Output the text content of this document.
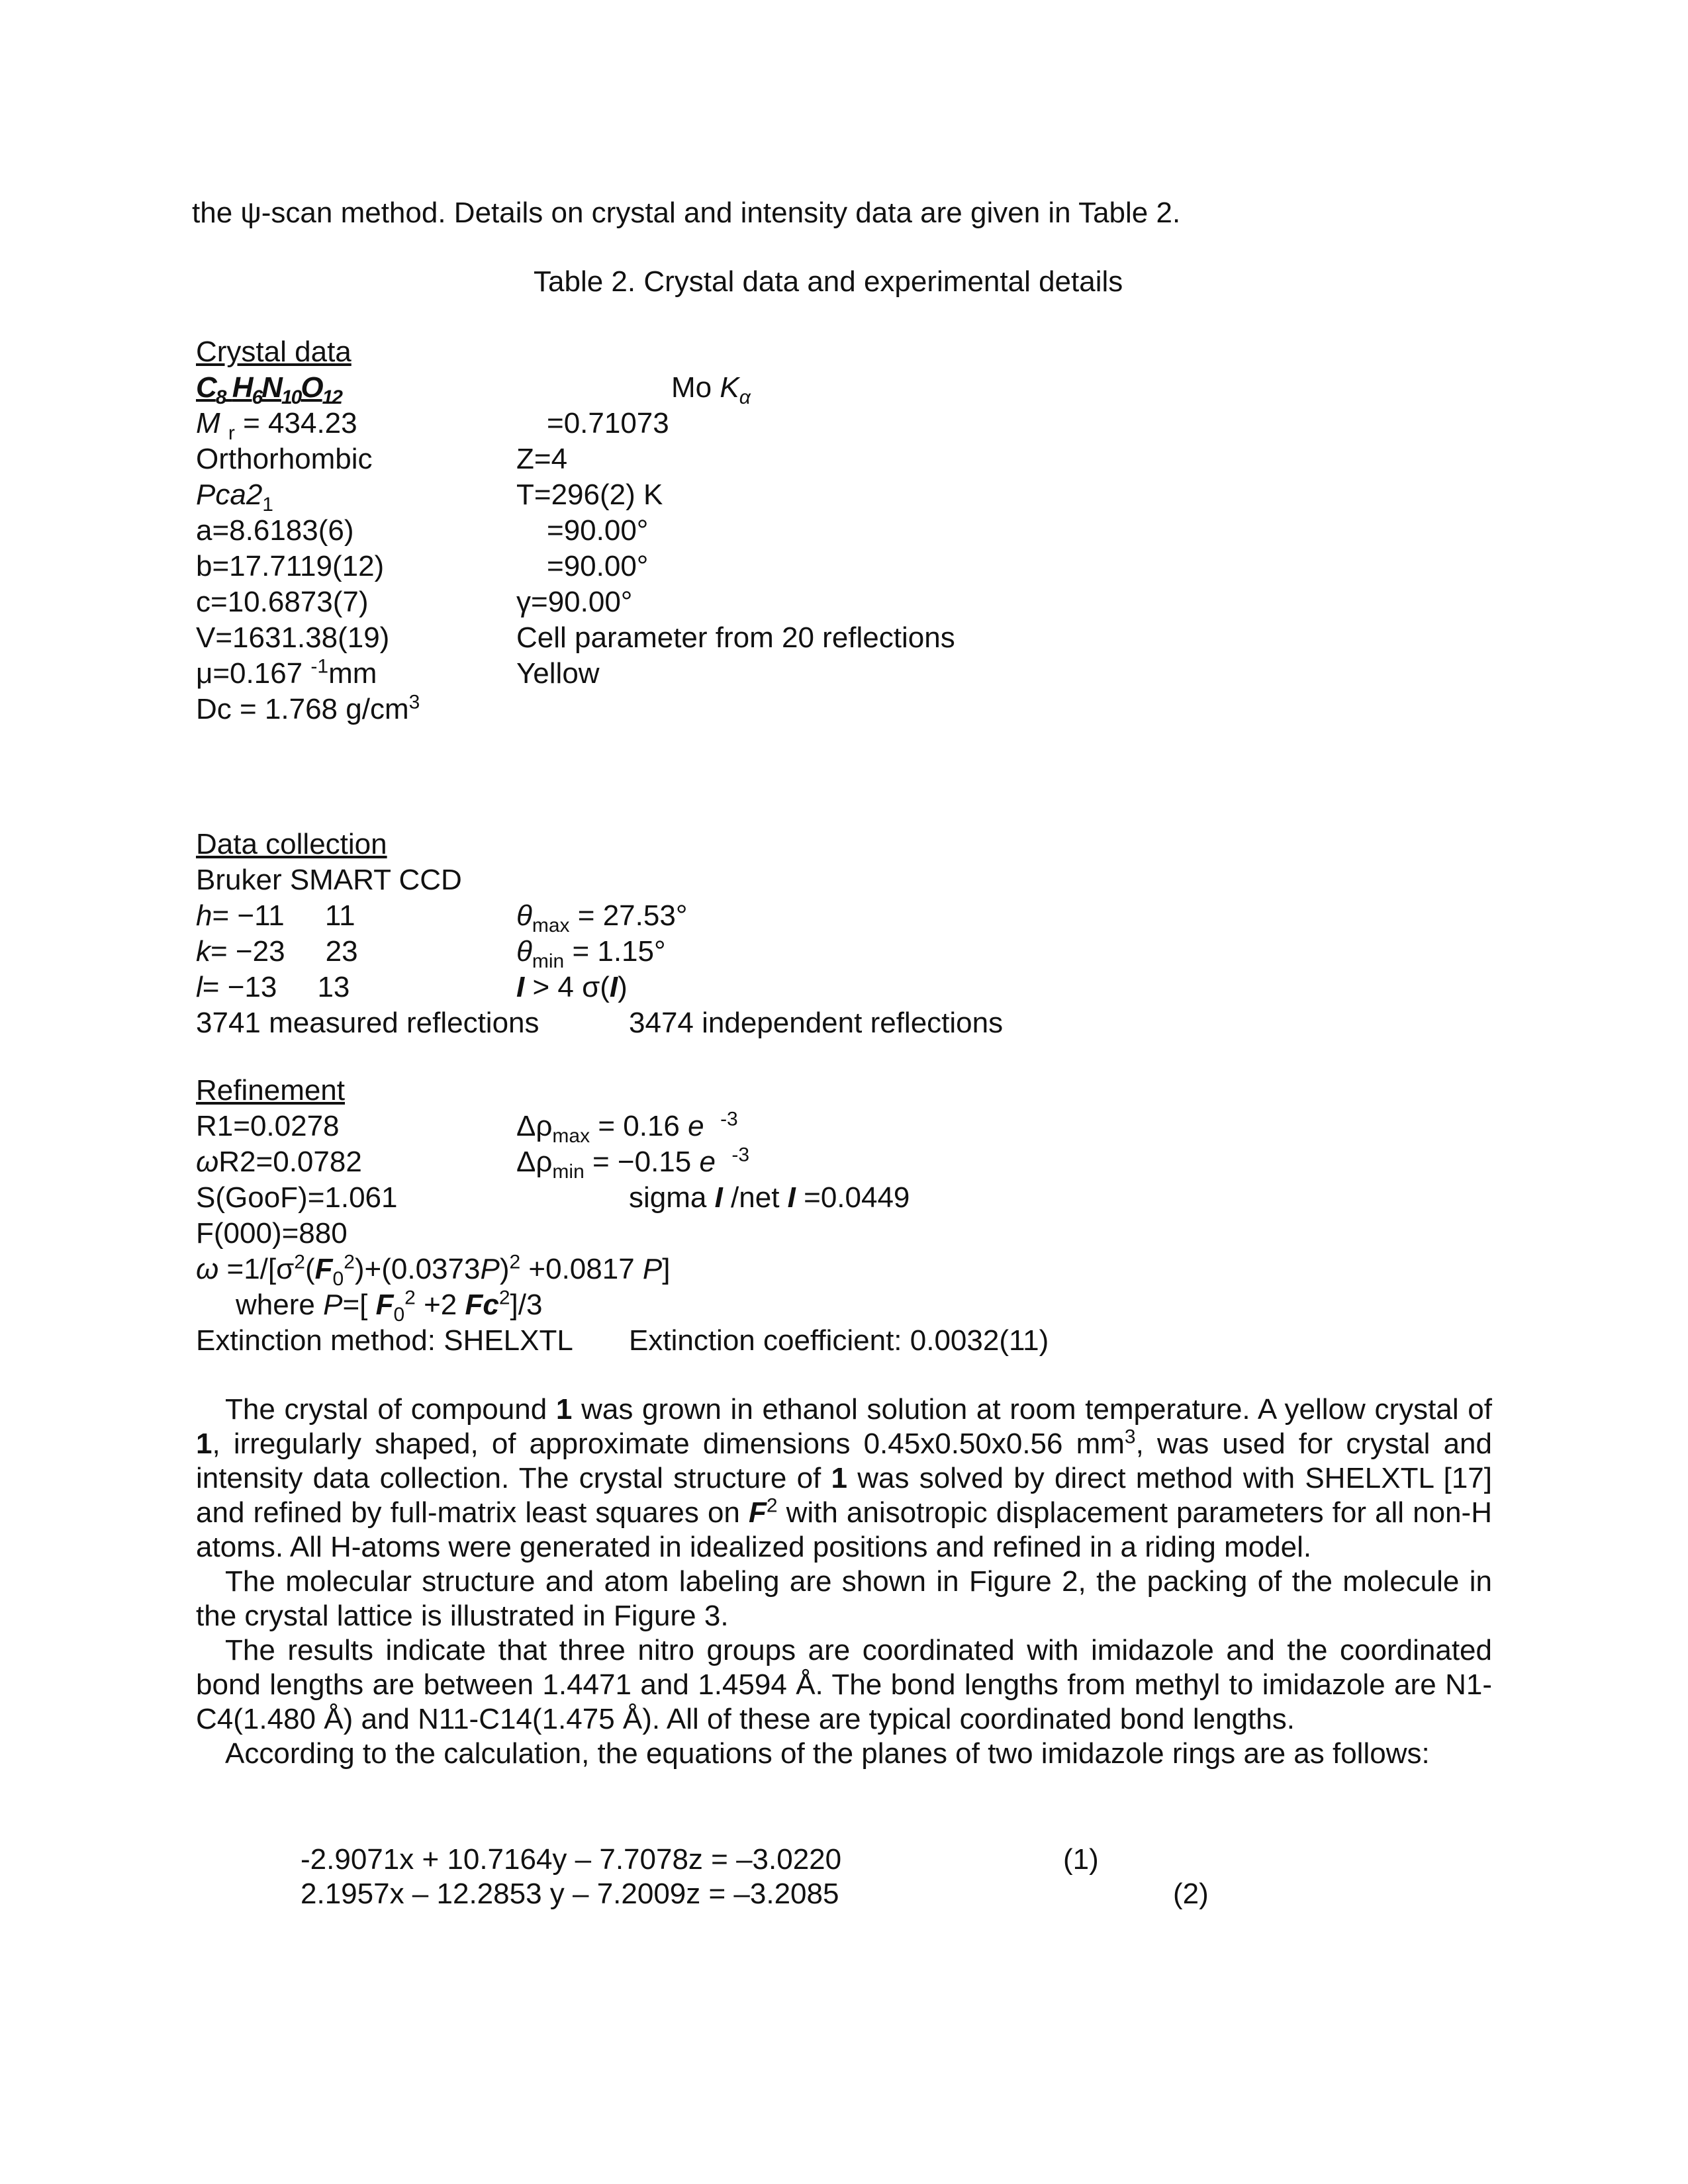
the ψ-scan method. Details on crystal and intensity data are given in Table 2.
Table 2. Crystal data and experimental details
Crystal data
$C_8$ $H_6N_{10}O_{12}$	Mo $K_\alpha$
M $_r$ = 434.23	=0.71073
Orthorhombic	Z=4
$Pca2_1$	T=296(2) K
a=8.6183(6)	=90.00°
b=17.7119(12)	=90.00°
c=10.6873(7)	γ=90.00°
V=1631.38(19)	Cell parameter from 20 reflections
μ=0.167 $^{-1}$mm	Yellow
Dc = 1.768 $g/cm^3$
Data collection
Bruker SMART CCD
h= −11     11	$\theta_{max} = 27.53^\circ$
k= −23     23	$\theta_{min} = 1.15^\circ$
l= −13     13	I > 4 σ(I)
3741 measured reflections	3474 independent reflections
Refinement
R1=0.0278	$\Delta\rho_{max} = 0.16$ e $^{-3}$
ωR2=0.0782	$\Delta\rho_{min} = -0.15$ e $^{-3}$
S(GooF)=1.061	sigma I /net I =0.0449
F(000)=880
$\omega =1/[\sigma^2(F_0^2)+(0.0373P)^2 +0.0817$ P]
where P=[ $F_0^2 +2$ Fc$^2$]/3
Extinction method: SHELXTL Extinction coefficient: 0.0032(11)

The crystal of compound 1 was grown in ethanol solution at room temperature. A yellow crystal of 1, irregularly shaped, of approximate dimensions 0.45x0.50x0.56 $mm^3$, was used for crystal and intensity data collection. The crystal structure of 1 was solved by direct method with SHELXTL [17] and refined by full-matrix least squares on $F^2$ with anisotropic displacement parameters for all non-H atoms. All H-atoms were generated in idealized positions and refined in a riding model.

The molecular structure and atom labeling are shown in Figure 2, the packing of the molecule in the crystal lattice is illustrated in Figure 3.

The results indicate that three nitro groups are coordinated with imidazole and the coordinated bond lengths are between 1.4471 and 1.4594 Å. The bond lengths from methyl to imidazole are N1-C4(1.480 Å) and N11-C14(1.475 Å). All of these are typical coordinated bond lengths.

According to the calculation, the equations of the planes of two imidazole rings are as follows:

-2.9071x + 10.7164y – 7.7078z = –3.0220	(1)
2.1957x – 12.2853 y – 7.2009z = –3.2085	(2)
